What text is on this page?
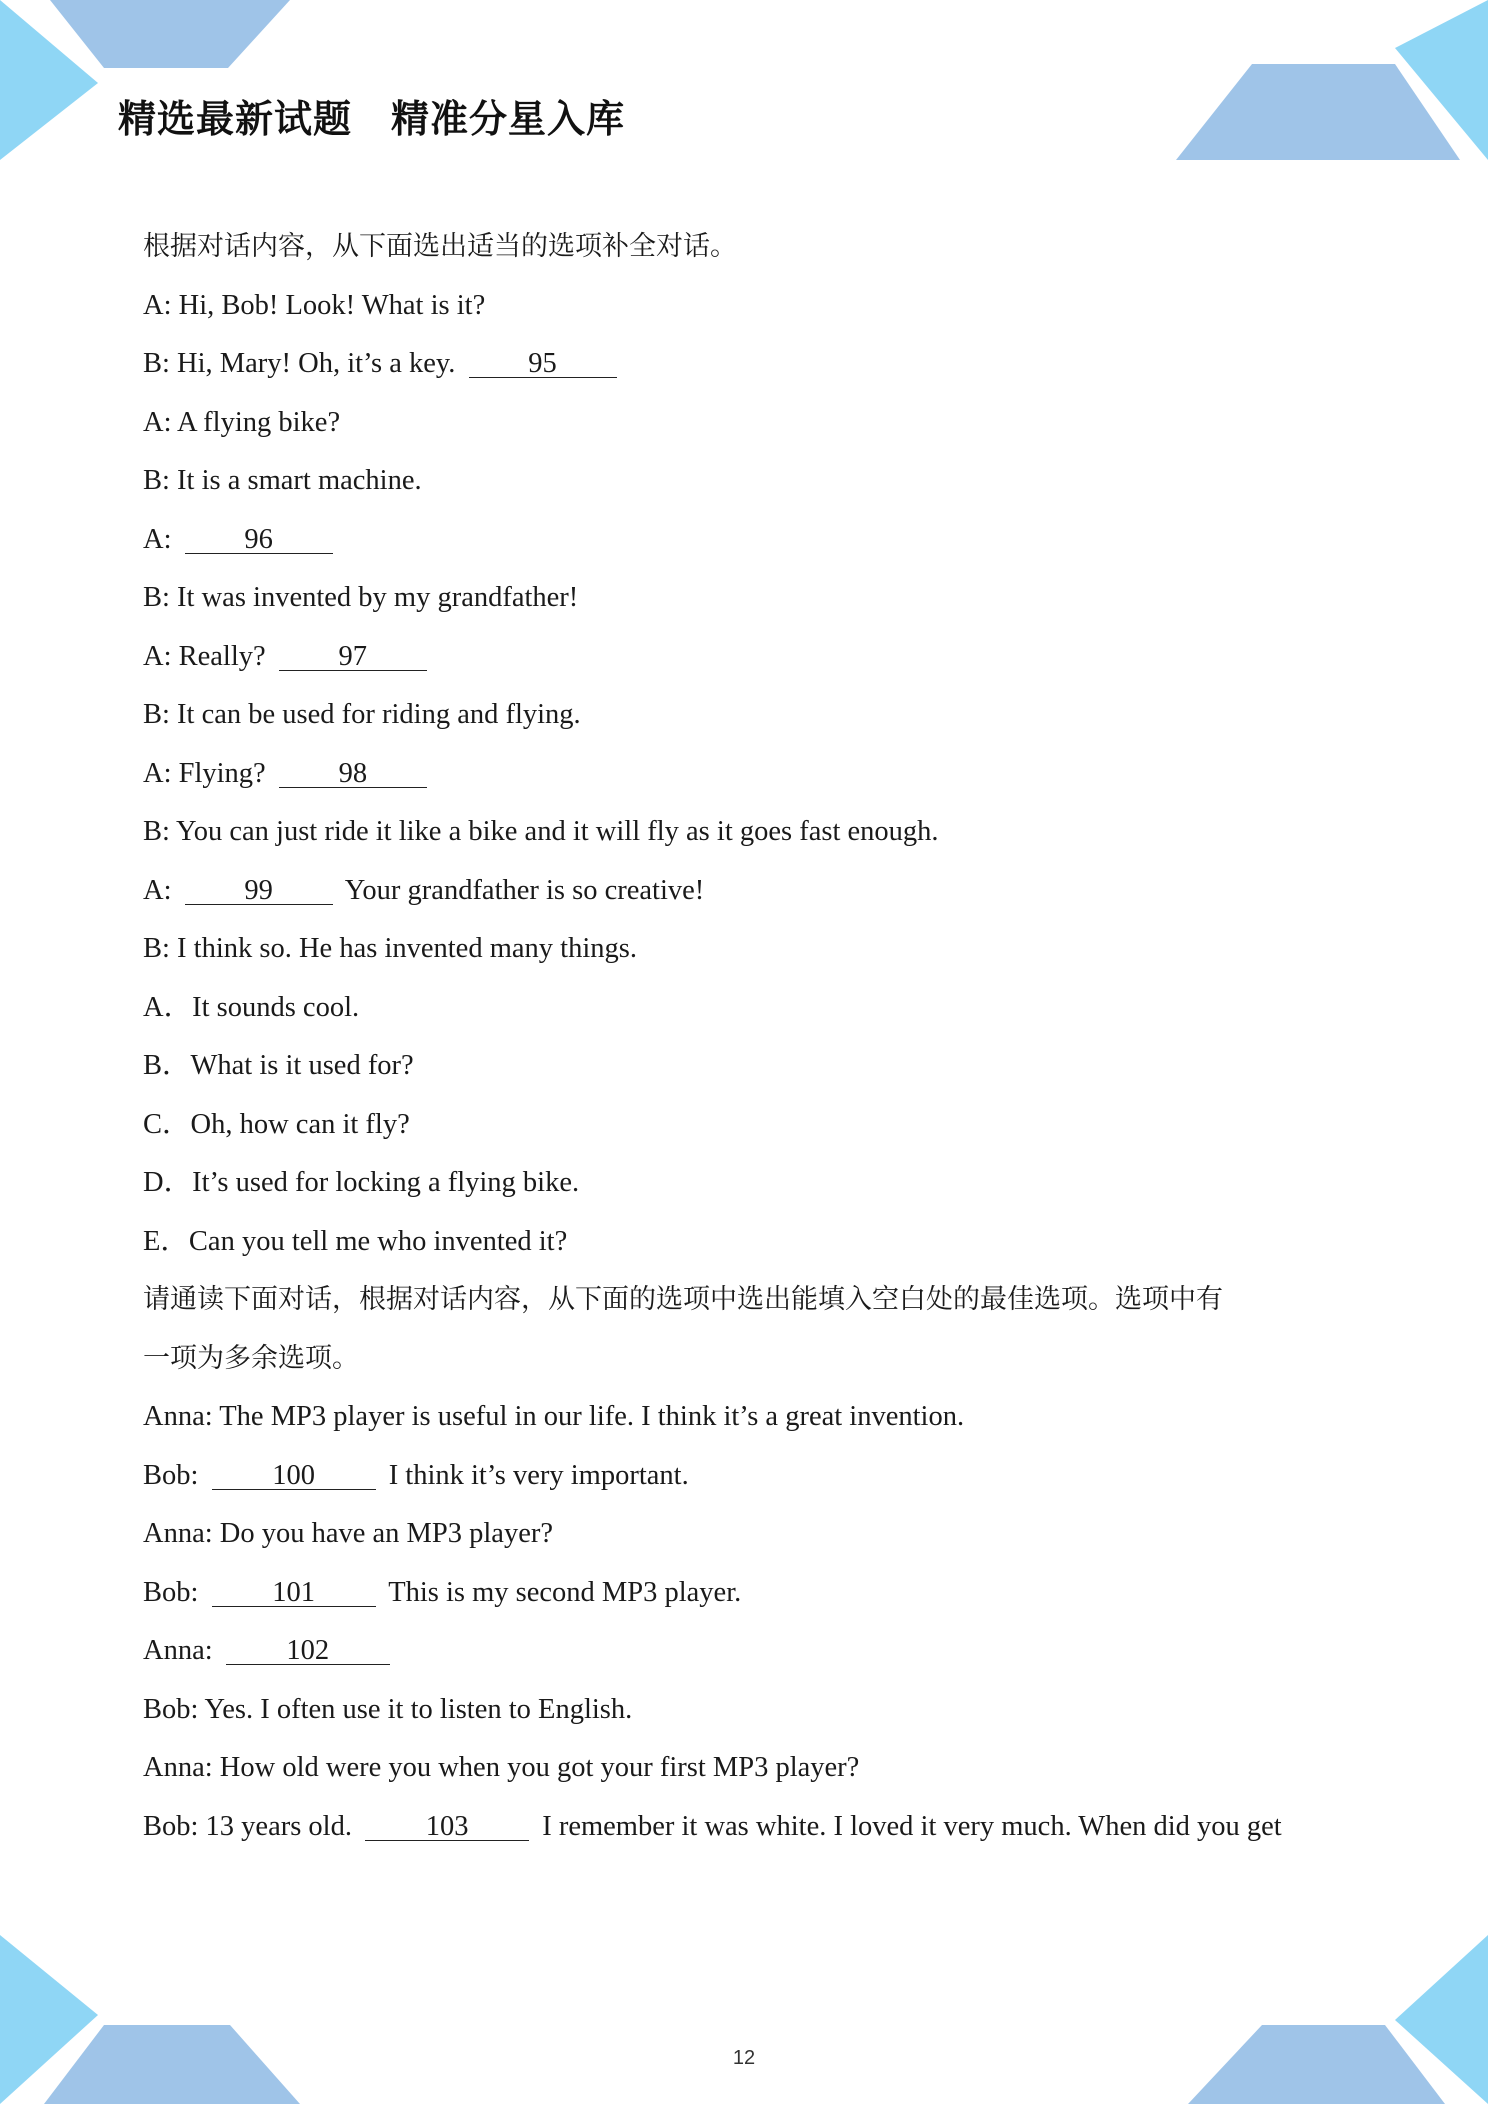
精选最新试题　精准分星入库
根据对话内容，从下面选出适当的选项补全对话。
A: Hi, Bob! Look! What is it?
B: Hi, Mary! Oh, it’s a key.	95
A: A flying bike?
B: It is a smart machine.
A:	96
B: It was invented by my grandfather!
A: Really?	97
B: It can be used for riding and flying.
A: Flying?	98
B: You can just ride it like a bike and it will fly as it goes fast enough.
A:	99	Your grandfather is so creative!
B: I think so. He has invented many things.
A．It sounds cool.
B．What is it used for?
C．Oh, how can it fly?
D．It’s used for locking a flying bike.
E．Can you tell me who invented it?
请通读下面对话，根据对话内容，从下面的选项中选出能填入空白处的最佳选项。选项中有
一项为多余选项。
Anna: The MP3 player is useful in our life. I think it’s a great invention.
Bob:	100	I think it’s very important.
Anna: Do you have an MP3 player?
Bob:	101	This is my second MP3 player.
Anna:	102
Bob: Yes. I often use it to listen to English.
Anna: How old were you when you got your first MP3 player?
Bob: 13 years old.	103	I remember it was white. I loved it very much. When did you get
12
